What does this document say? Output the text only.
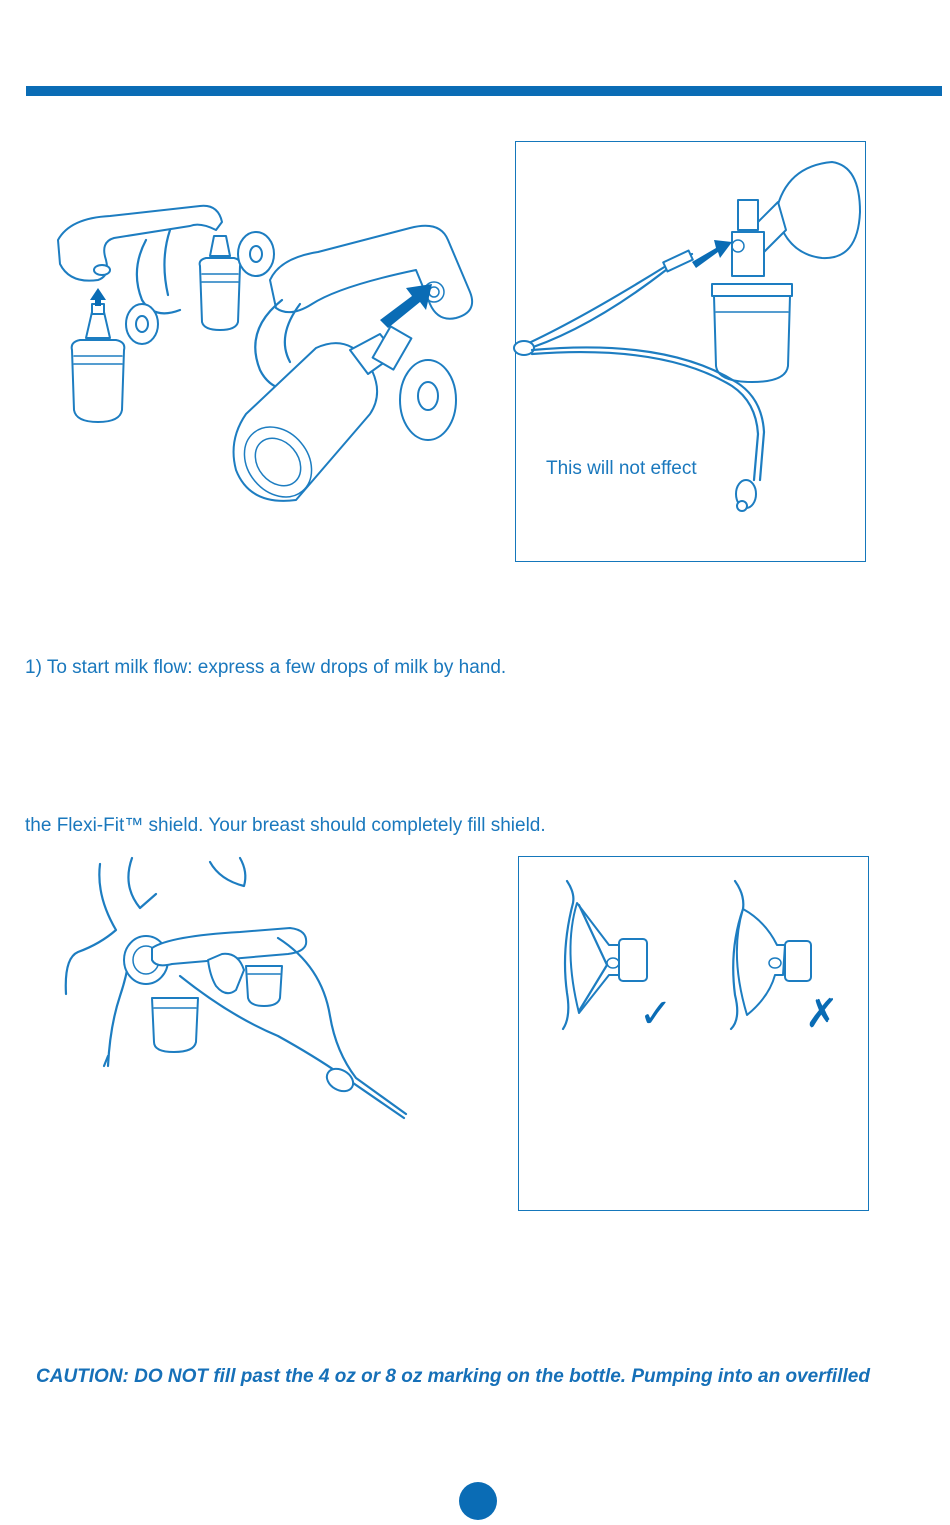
This will not effect
1) To start milk flow: express a few drops of milk by hand.
the Flexi-Fit™ shield. Your breast should completely fill shield.
✓	✗
CAUTION: DO NOT fill past the 4 oz or 8 oz marking on the bottle. Pumping into an overfilled
